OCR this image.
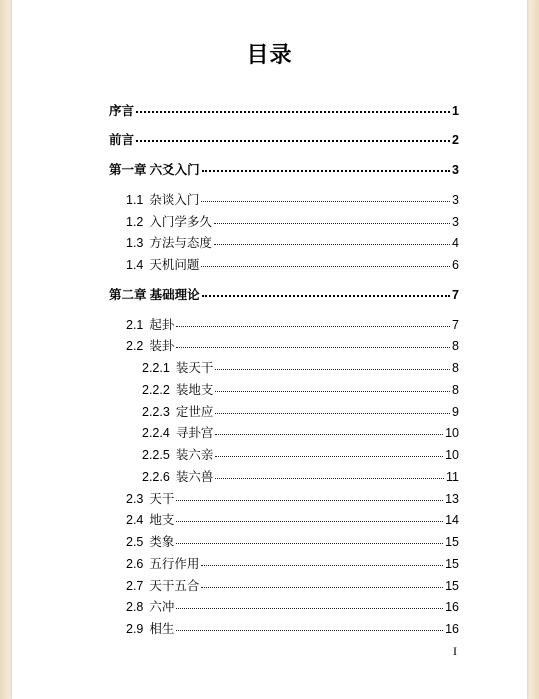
目录
序言	1
前言	2
第一章 六爻入门	3
1.1 杂谈入门	3
1.2 入门学多久	3
1.3 方法与态度	4
1.4 天机问题	6
第二章 基础理论	7
2.1 起卦	7
2.2 装卦	8
2.2.1 装天干	8
2.2.2 装地支	8
2.2.3 定世应	9
2.2.4 寻卦宫	10
2.2.5 装六亲	10
2.2.6 装六兽	11
2.3 天干	13
2.4 地支	14
2.5 类象	15
2.6 五行作用	15
2.7 天干五合	15
2.8 六冲	16
2.9 相生	16
I
